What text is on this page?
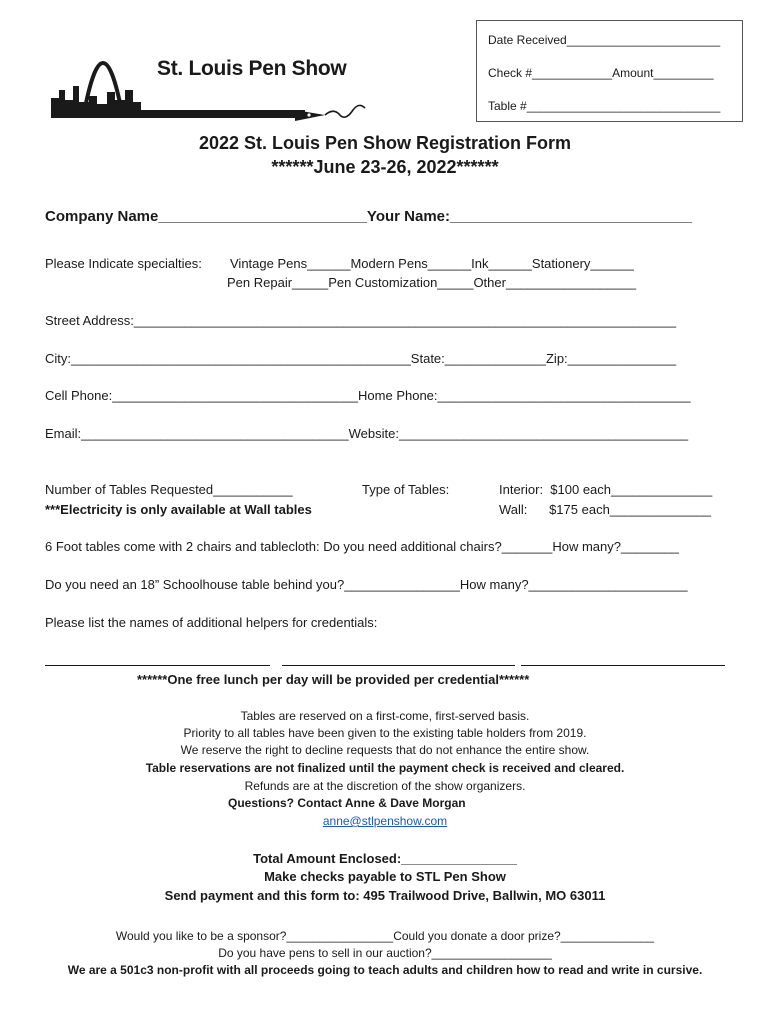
St. Louis Pen Show
Date Received_______________________
Check #____________Amount_________
Table #_____________________________
2022 St. Louis Pen Show Registration Form
******June 23-26, 2022******
Company Name_________________________Your Name:_____________________________
Please Indicate specialties: Vintage Pens______Modern Pens______Ink______Stationery______
Pen Repair_____Pen Customization_____Other__________________
Street Address:___________________________________________________________________________
City:_______________________________________________State:______________Zip:_______________
Cell Phone:__________________________________Home Phone:___________________________________
Email:_____________________________________Website:________________________________________
Number of Tables Requested___________
***Electricity is only available at Wall tables
Type of Tables:	Interior:  $100 each______________
Wall:      $175 each______________
6 Foot tables come with 2 chairs and tablecloth: Do you need additional chairs?_______How many?________
Do you need an 18” Schoolhouse table behind you?________________How many?______________________
Please list the names of additional helpers for credentials:
******One free lunch per day will be provided per credential******
Tables are reserved on a first-come, first-served basis.
Priority to all tables have been given to the existing table holders from 2019.
We reserve the right to decline requests that do not enhance the entire show.
Table reservations are not finalized until the payment check is received and cleared.
Refunds are at the discretion of the show organizers.
Questions? Contact Anne & Dave Morgan
anne@stlpenshow.com
Total Amount Enclosed:________________
Make checks payable to STL Pen Show
Send payment and this form to: 495 Trailwood Drive, Ballwin, MO 63011
Would you like to be a sponsor?________________Could you donate a door prize?______________
Do you have pens to sell in our auction?__________________
We are a 501c3 non-profit with all proceeds going to teach adults and children how to read and write in cursive.
